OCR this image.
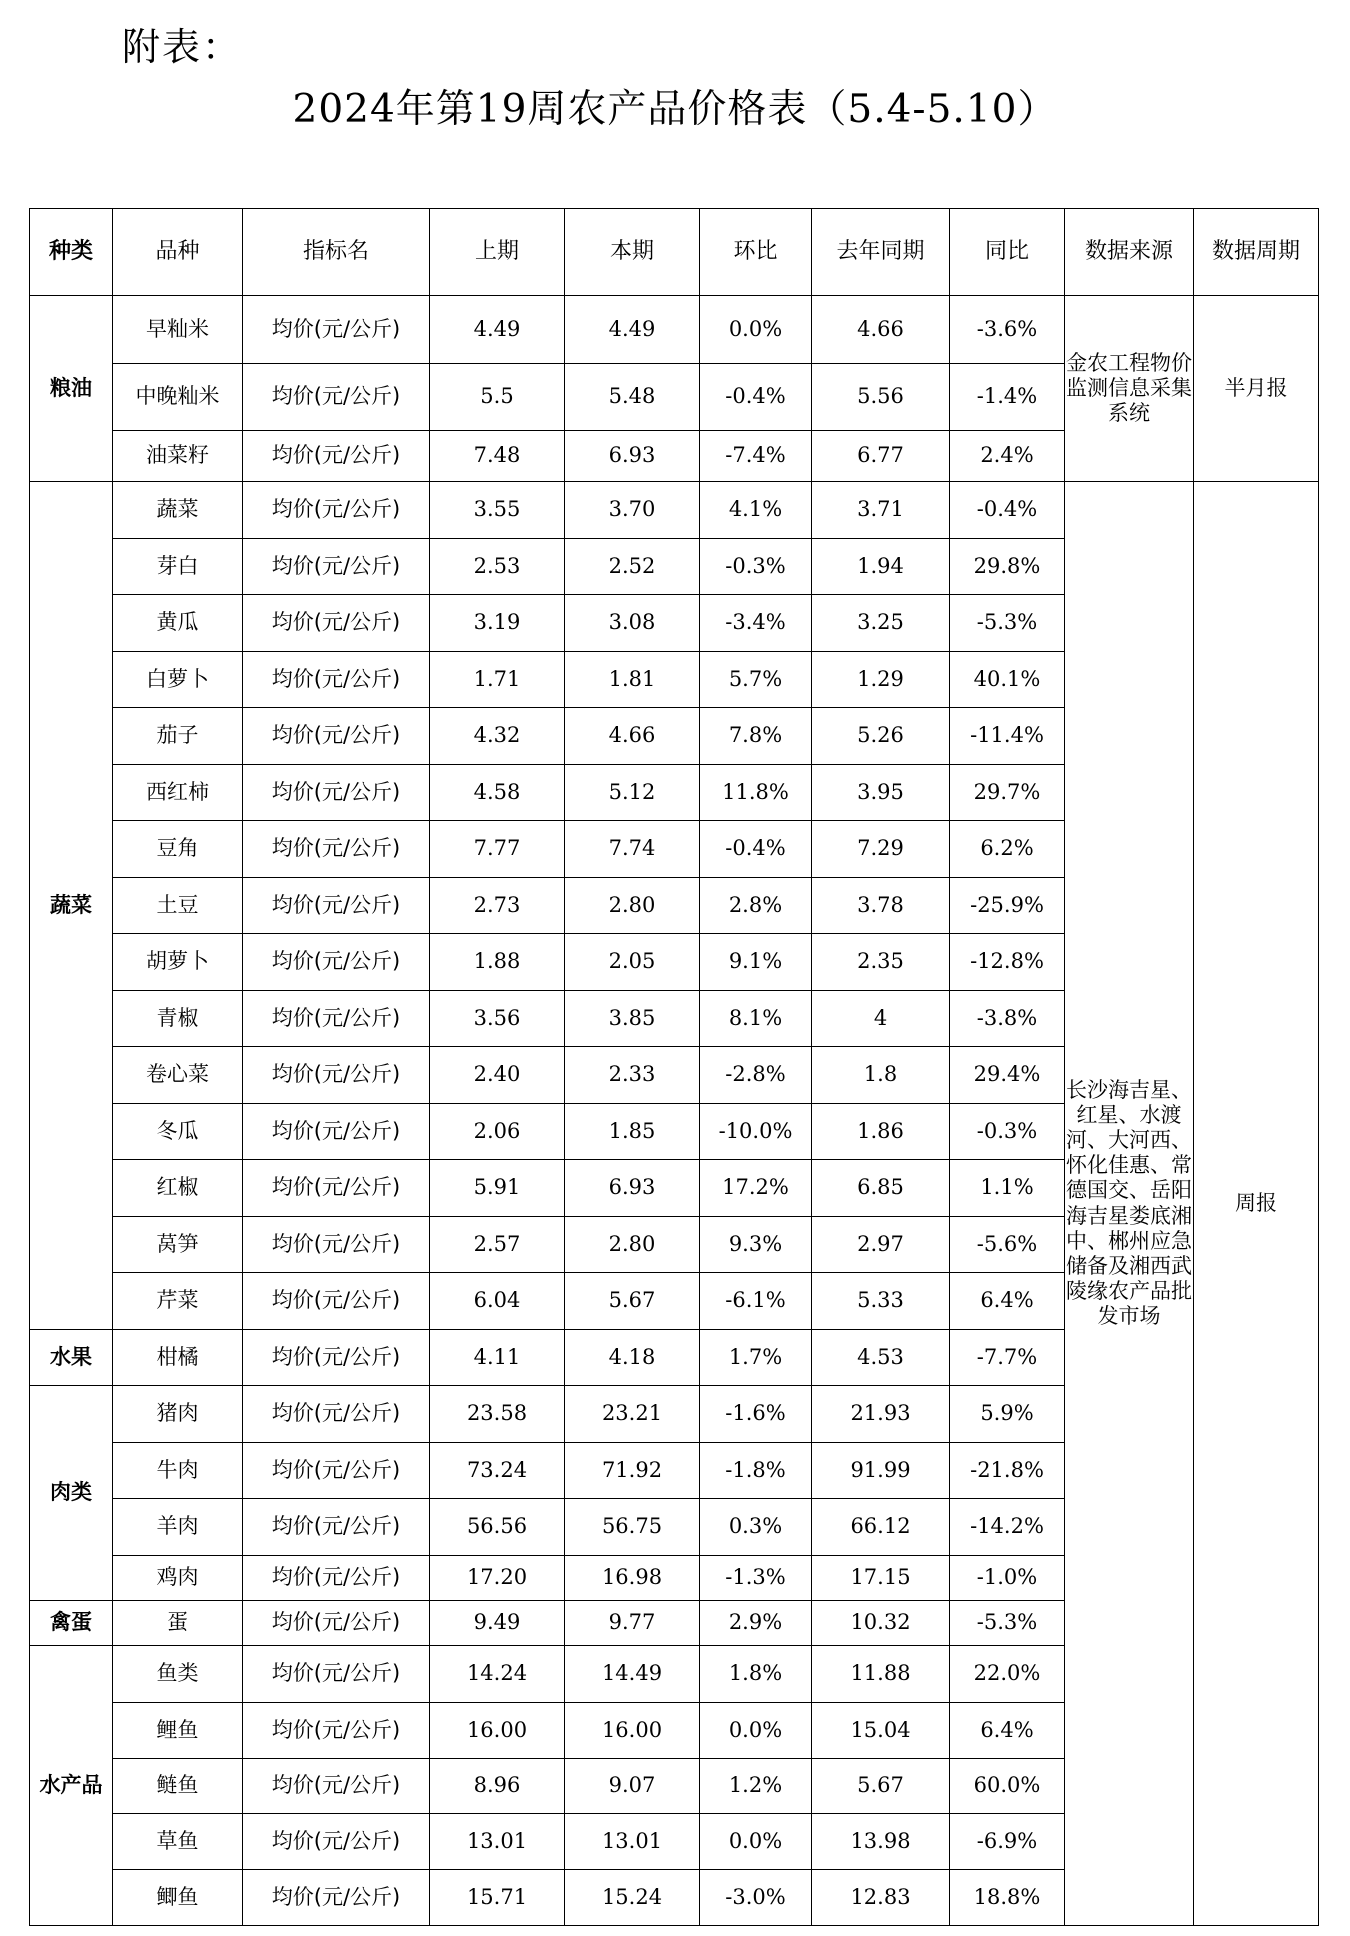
附表：
2024年第19周农产品价格表（5.4-5.10）
种类	品种	指标名	上期	本期	环比	去年同期	同比	数据来源	数据周期
粮油	早籼米	均价(元/公斤)	4.49	4.49	0.0%	4.66	-3.6%	金农工程物价监测信息采集系统	半月报
	中晚籼米	均价(元/公斤)	5.5	5.48	-0.4%	5.56	-1.4%		
	油菜籽	均价(元/公斤)	7.48	6.93	-7.4%	6.77	2.4%		
蔬菜	蔬菜	均价(元/公斤)	3.55	3.70	4.1%	3.71	-0.4%	长沙海吉星、红星、水渡河、大河西、怀化佳惠、常德国交、岳阳海吉星娄底湘中、郴州应急储备及湘西武陵缘农产品批发市场	周报
	芽白	均价(元/公斤)	2.53	2.52	-0.3%	1.94	29.8%		
	黄瓜	均价(元/公斤)	3.19	3.08	-3.4%	3.25	-5.3%		
	白萝卜	均价(元/公斤)	1.71	1.81	5.7%	1.29	40.1%		
	茄子	均价(元/公斤)	4.32	4.66	7.8%	5.26	-11.4%		
	西红柿	均价(元/公斤)	4.58	5.12	11.8%	3.95	29.7%		
	豆角	均价(元/公斤)	7.77	7.74	-0.4%	7.29	6.2%		
	土豆	均价(元/公斤)	2.73	2.80	2.8%	3.78	-25.9%		
	胡萝卜	均价(元/公斤)	1.88	2.05	9.1%	2.35	-12.8%		
	青椒	均价(元/公斤)	3.56	3.85	8.1%	4	-3.8%		
	卷心菜	均价(元/公斤)	2.40	2.33	-2.8%	1.8	29.4%		
	冬瓜	均价(元/公斤)	2.06	1.85	-10.0%	1.86	-0.3%		
	红椒	均价(元/公斤)	5.91	6.93	17.2%	6.85	1.1%		
	莴笋	均价(元/公斤)	2.57	2.80	9.3%	2.97	-5.6%		
	芹菜	均价(元/公斤)	6.04	5.67	-6.1%	5.33	6.4%		
水果	柑橘	均价(元/公斤)	4.11	4.18	1.7%	4.53	-7.7%		
肉类	猪肉	均价(元/公斤)	23.58	23.21	-1.6%	21.93	5.9%		
	牛肉	均价(元/公斤)	73.24	71.92	-1.8%	91.99	-21.8%		
	羊肉	均价(元/公斤)	56.56	56.75	0.3%	66.12	-14.2%		
	鸡肉	均价(元/公斤)	17.20	16.98	-1.3%	17.15	-1.0%		
禽蛋	蛋	均价(元/公斤)	9.49	9.77	2.9%	10.32	-5.3%		
水产品	鱼类	均价(元/公斤)	14.24	14.49	1.8%	11.88	22.0%		
	鲤鱼	均价(元/公斤)	16.00	16.00	0.0%	15.04	6.4%		
	鲢鱼	均价(元/公斤)	8.96	9.07	1.2%	5.67	60.0%		
	草鱼	均价(元/公斤)	13.01	13.01	0.0%	13.98	-6.9%		
	鲫鱼	均价(元/公斤)	15.71	15.24	-3.0%	12.83	18.8%		
